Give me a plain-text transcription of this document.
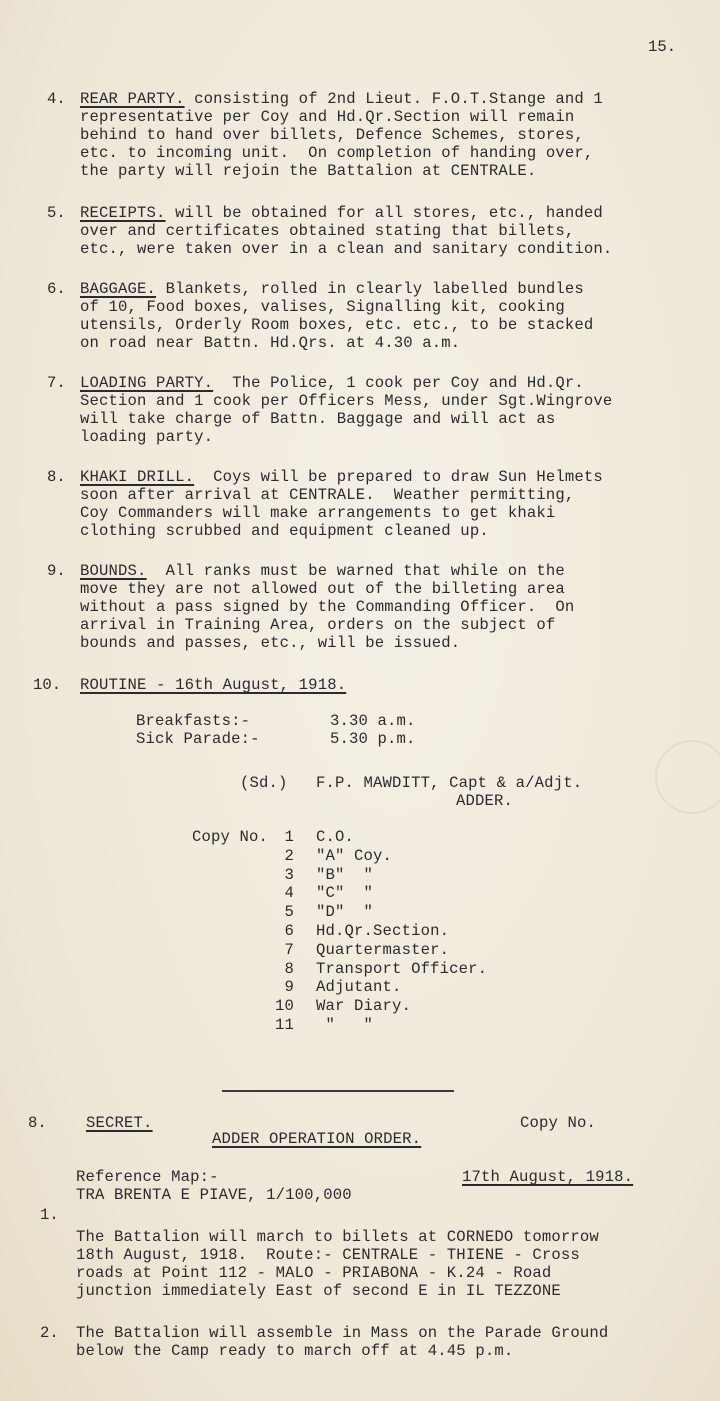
15.
4. REAR PARTY. consisting of 2nd Lieut. F.O.T.Stange and 1
representative per Coy and Hd.Qr.Section will remain
behind to hand over billets, Defence Schemes, stores,
etc. to incoming unit.  On completion of handing over,
the party will rejoin the Battalion at CENTRALE.
5. RECEIPTS. will be obtained for all stores, etc., handed
over and certificates obtained stating that billets,
etc., were taken over in a clean and sanitary condition.
6. BAGGAGE. Blankets, rolled in clearly labelled bundles
of 10, Food boxes, valises, Signalling kit, cooking
utensils, Orderly Room boxes, etc. etc., to be stacked
on road near Battn. Hd.Qrs. at 4.30 a.m.
7. LOADING PARTY.  The Police, 1 cook per Coy and Hd.Qr.
Section and 1 cook per Officers Mess, under Sgt.Wingrove
will take charge of Battn. Baggage and will act as
loading party.
8. KHAKI DRILL.  Coys will be prepared to draw Sun Helmets
soon after arrival at CENTRALE.  Weather permitting,
Coy Commanders will make arrangements to get khaki
clothing scrubbed and equipment cleaned up.
9. BOUNDS.  All ranks must be warned that while on the
move they are not allowed out of the billeting area
without a pass signed by the Commanding Officer.  On
arrival in Training Area, orders on the subject of
bounds and passes, etc., will be issued.
10. ROUTINE - 16th August, 1918.
Breakfasts:-	3.30 a.m.
Sick Parade:-	5.30 p.m.
(Sd.) F.P. MAWDITT, Capt & a/Adjt.
ADDER.
Copy No.	1 C.O.
2 "A" Coy.
3 "B"  "
4 "C"  "
5 "D"  "
6 Hd.Qr.Section.
7 Quartermaster.
8 Transport Officer.
9 Adjutant.
10 War Diary.
11 "   "
8.	SECRET.	Copy No.
ADDER OPERATION ORDER.
Reference Map:-	17th August, 1918.
TRA BRENTA E PIAVE, 1/100,000
1.
The Battalion will march to billets at CORNEDO tomorrow
18th August, 1918.  Route:- CENTRALE - THIENE - Cross
roads at Point 112 - MALO - PRIABONA - K.24 - Road
junction immediately East of second E in IL TEZZONE
2. The Battalion will assemble in Mass on the Parade Ground
below the Camp ready to march off at 4.45 p.m.
